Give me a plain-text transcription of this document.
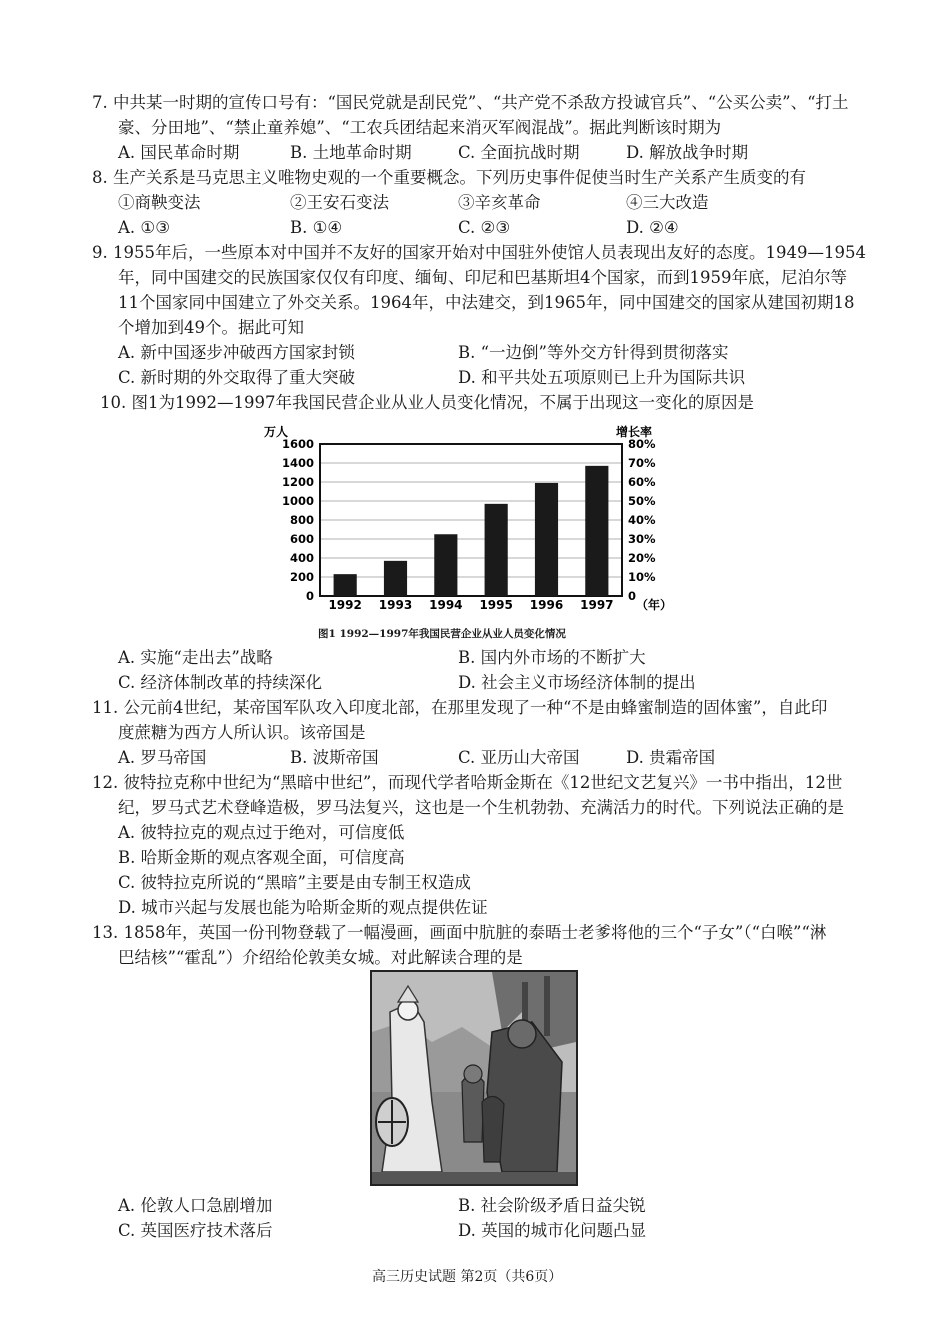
7. 中共某一时期的宣传口号有：“国民党就是刮民党”、“共产党不杀敌方投诚官兵”、“公买公卖”、“打土
豪、分田地”、“禁止童养媳”、“工农兵团结起来消灭军阀混战”。据此判断该时期为
A. 国民革命时期	B. 土地革命时期	C. 全面抗战时期	D. 解放战争时期
8. 生产关系是马克思主义唯物史观的一个重要概念。下列历史事件促使当时生产关系产生质变的有
①商鞅变法	②王安石变法	③辛亥革命	④三大改造
A. ①③	B. ①④	C. ②③	D. ②④
9. 1955年后，一些原本对中国并不友好的国家开始对中国驻外使馆人员表现出友好的态度。1949—1954
年，同中国建交的民族国家仅仅有印度、缅甸、印尼和巴基斯坦4个国家，而到1959年底，尼泊尔等
11个国家同中国建立了外交关系。1964年，中法建交，到1965年，同中国建交的国家从建国初期18
个增加到49个。据此可知
A. 新中国逐步冲破西方国家封锁	B. “一边倒”等外交方针得到贯彻落实
C. 新时期的外交取得了重大突破	D. 和平共处五项原则已上升为国际共识
10. 图1为1992—1997年我国民营企业从业人员变化情况，不属于出现这一变化的原因是
万人	增长率
（年）
0	0
200	10%
400	20%
600	30%
800	40%
1000	50%
1200	60%
1400	70%
1600	80%
1992 1993 1994 1995 1996 1997
图1 1992—1997年我国民营企业从业人员变化情况
A. 实施“走出去”战略	B. 国内外市场的不断扩大
C. 经济体制改革的持续深化	D. 社会主义市场经济体制的提出
11. 公元前4世纪，某帝国军队攻入印度北部，在那里发现了一种“不是由蜂蜜制造的固体蜜”，自此印
度蔗糖为西方人所认识。该帝国是
A. 罗马帝国	B. 波斯帝国	C. 亚历山大帝国	D. 贵霜帝国
12. 彼特拉克称中世纪为“黑暗中世纪”，而现代学者哈斯金斯在《12世纪文艺复兴》一书中指出，12世
纪，罗马式艺术登峰造极，罗马法复兴，这也是一个生机勃勃、充满活力的时代。下列说法正确的是
A. 彼特拉克的观点过于绝对，可信度低
B. 哈斯金斯的观点客观全面，可信度高
C. 彼特拉克所说的“黑暗”主要是由专制王权造成
D. 城市兴起与发展也能为哈斯金斯的观点提供佐证
13. 1858年，英国一份刊物登载了一幅漫画，画面中肮脏的泰晤士老爹将他的三个“子女”（“白喉”“淋
巴结核”“霍乱”）介绍给伦敦美女城。对此解读合理的是
A. 伦敦人口急剧增加	B. 社会阶级矛盾日益尖锐
C. 英国医疗技术落后	D. 英国的城市化问题凸显
高三历史试题 第2页（共6页）
